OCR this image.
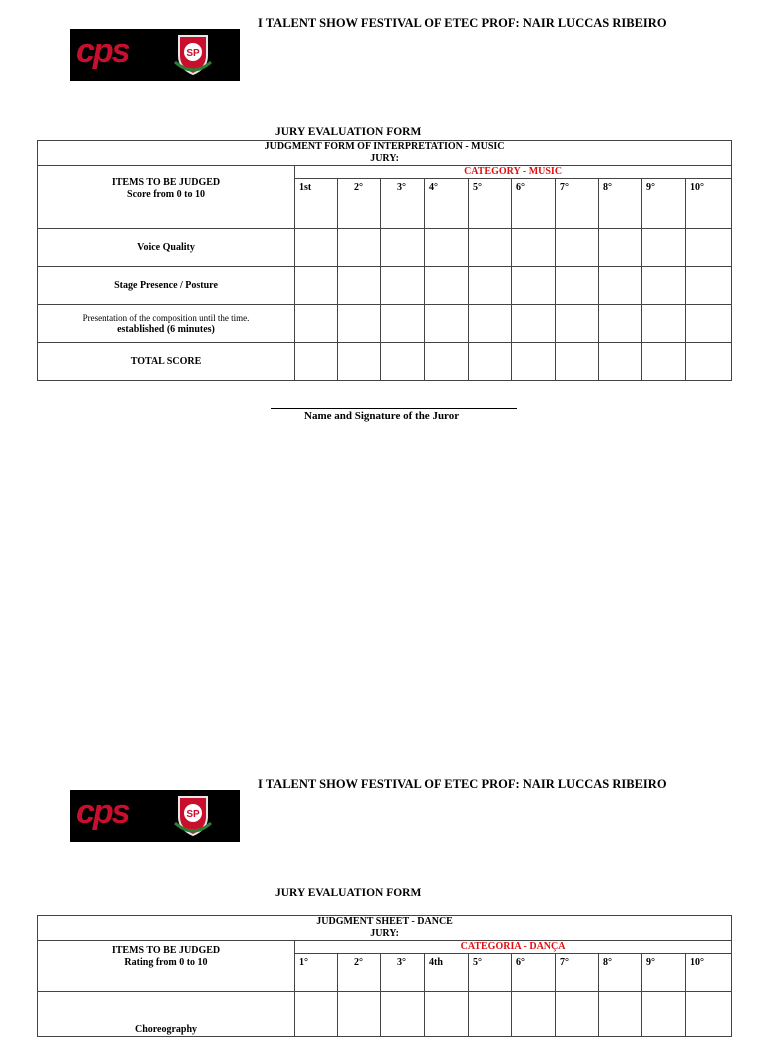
I TALENT SHOW FESTIVAL OF ETEC PROF: NAIR LUCCAS RIBEIRO
cps	SP
JURY EVALUATION FORM
JUDGMENT FORM OF INTERPRETATION - MUSIC
JURY:										

ITEMS TO BE JUDGED
Score from 0 to 10	CATEGORY - MUSIC									
	1st	2°	3°	4°	5°	6°	7°	8°	9°	10°
Voice Quality										
Stage Presence / Posture										

Presentation of the composition until the time.
established (6 minutes)										

TOTAL SCORE										
Name and Signature of the Juror
I TALENT SHOW FESTIVAL OF ETEC PROF: NAIR LUCCAS RIBEIRO
cps	SP
JURY EVALUATION FORM
JUDGMENT SHEET - DANCE
JURY:										

ITEMS TO BE JUDGED
Rating from 0 to 10	CATEGORIA - DANÇA									
	1°	2°	3°	4th	5°	6°	7°	8°	9°	10°
Choreography										
